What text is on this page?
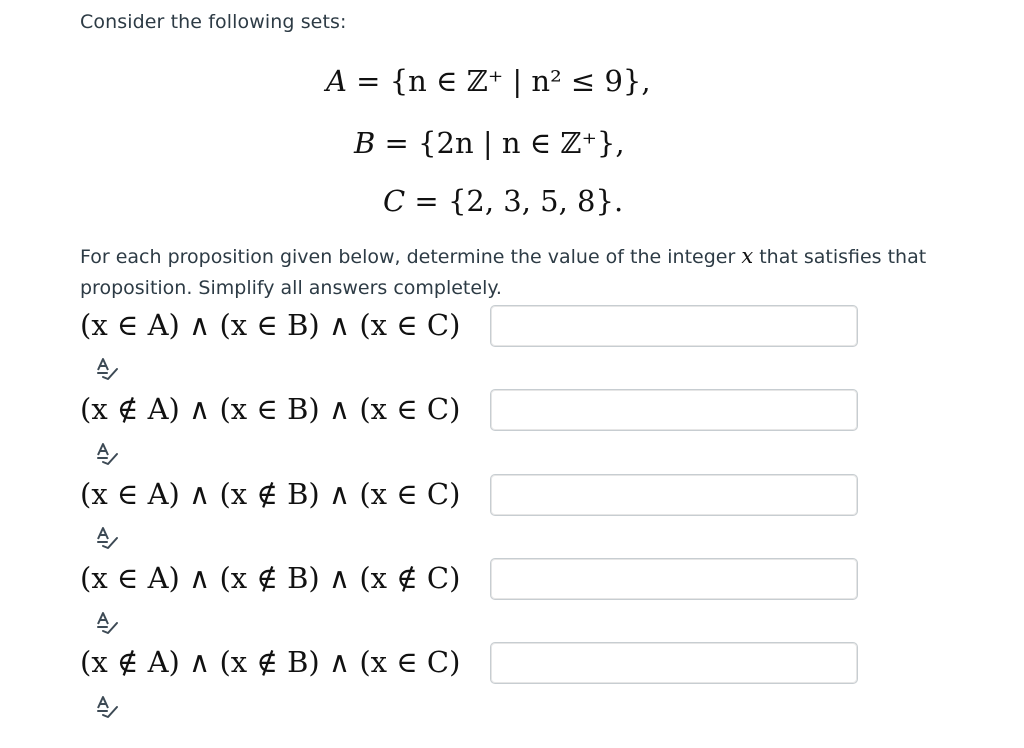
Consider the following sets:
A = {n ∈ ℤ⁺ | n² ≤ 9},
B = {2n | n ∈ ℤ⁺},
C = {2, 3, 5, 8}.
For each proposition given below, determine the value of the integer x that satisfies that proposition. Simplify all answers completely.
(x ∈ A) ∧ (x ∈ B) ∧ (x ∈ C)
(x ∉ A) ∧ (x ∈ B) ∧ (x ∈ C)
(x ∈ A) ∧ (x ∉ B) ∧ (x ∈ C)
(x ∈ A) ∧ (x ∉ B) ∧ (x ∉ C)
(x ∉ A) ∧ (x ∉ B) ∧ (x ∈ C)
